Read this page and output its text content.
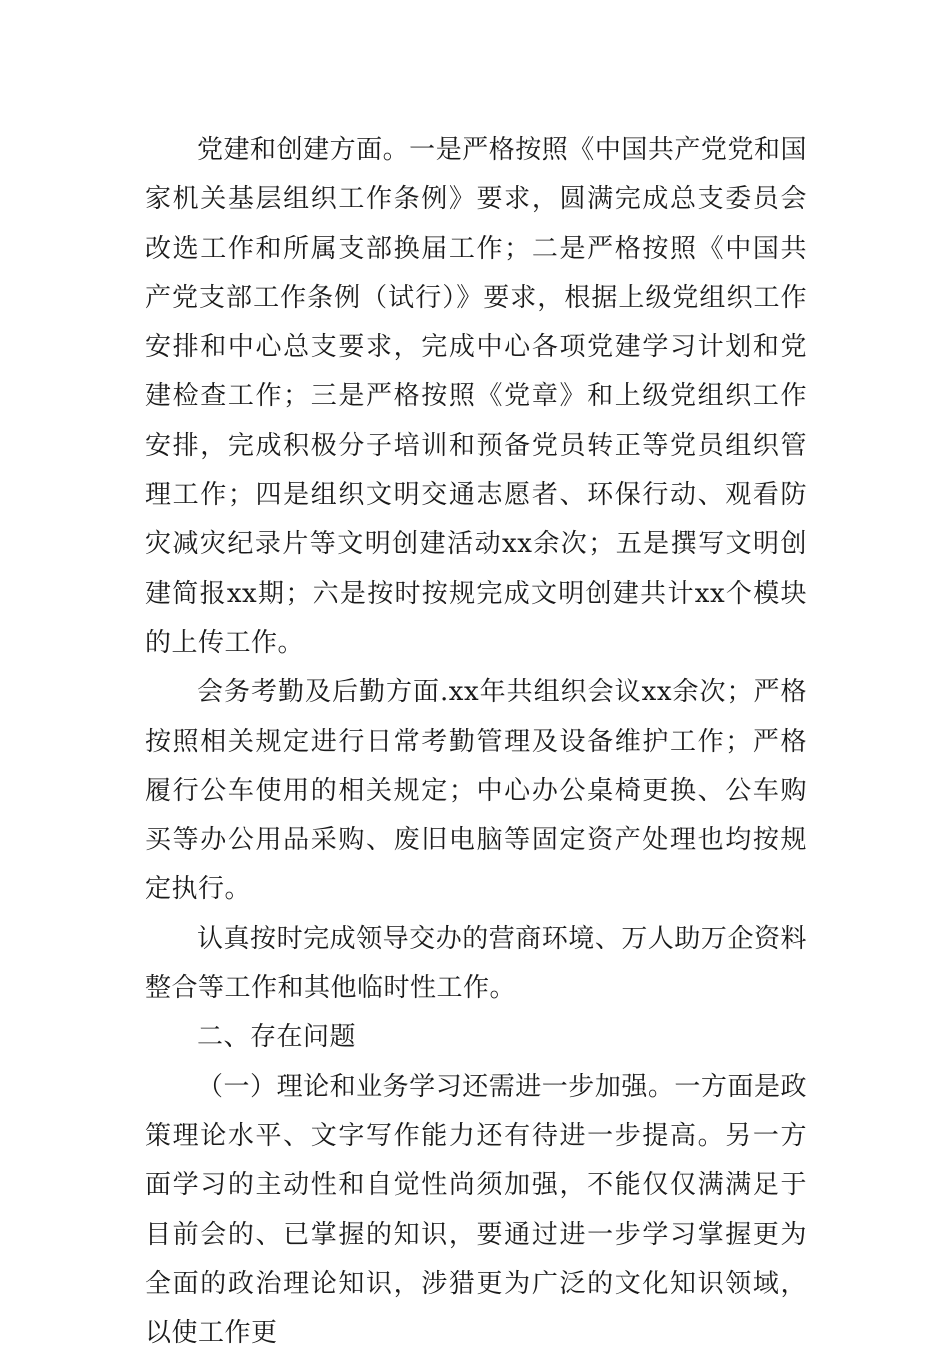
党建和创建方面。一是严格按照《中国共产党党和国家机关基层组织工作条例》要求，圆满完成总支委员会改选工作和所属支部换届工作；二是严格按照《中国共产党支部工作条例（试行）》要求，根据上级党组织工作安排和中心总支要求，完成中心各项党建学习计划和党建检查工作；三是严格按照《党章》和上级党组织工作安排，完成积极分子培训和预备党员转正等党员组织管理工作；四是组织文明交通志愿者、环保行动、观看防灾减灾纪录片等文明创建活动xx余次；五是撰写文明创建简报xx期；六是按时按规完成文明创建共计xx个模块的上传工作。

会务考勤及后勤方面.xx年共组织会议xx余次；严格按照相关规定进行日常考勤管理及设备维护工作；严格履行公车使用的相关规定；中心办公桌椅更换、公车购买等办公用品采购、废旧电脑等固定资产处理也均按规定执行。

认真按时完成领导交办的营商环境、万人助万企资料整合等工作和其他临时性工作。

二、存在问题

（一）理论和业务学习还需进一步加强。一方面是政策理论水平、文字写作能力还有待进一步提高。另一方面学习的主动性和自觉性尚须加强，不能仅仅满满足于目前会的、已掌握的知识，要通过进一步学习掌握更为全面的政治理论知识，涉猎更为广泛的文化知识领域，以使工作更
